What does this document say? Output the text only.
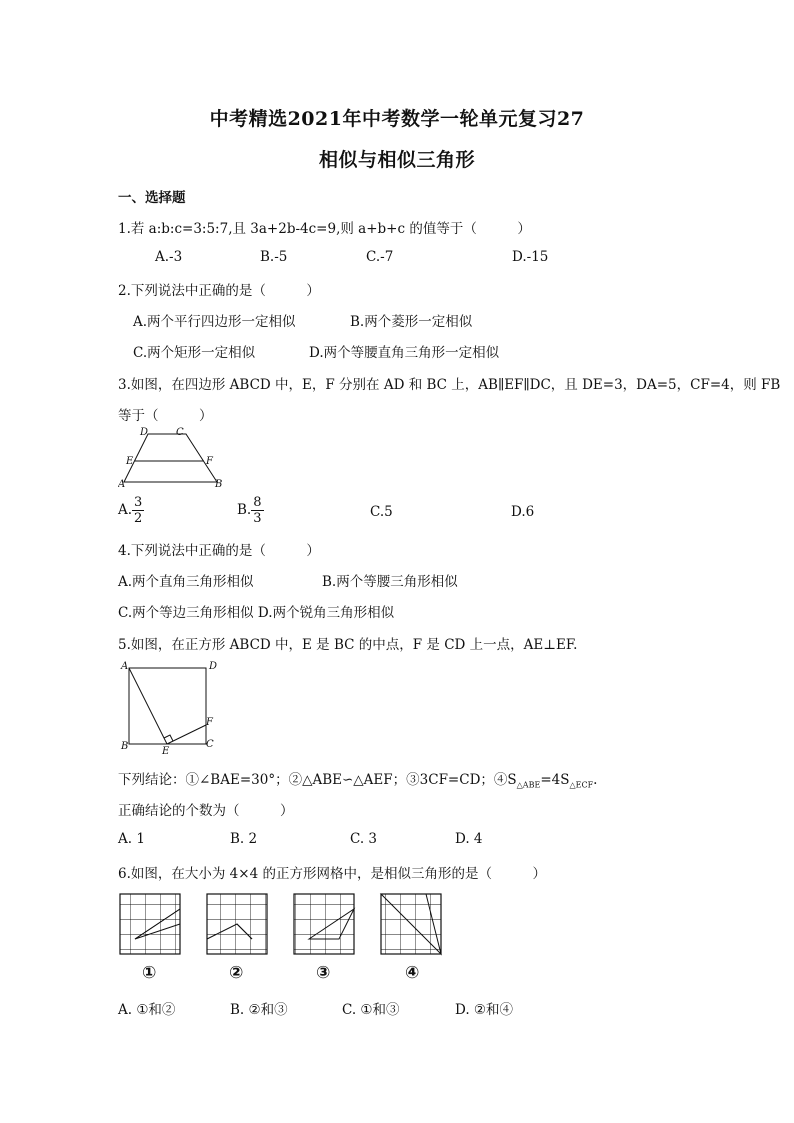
中考精选2021年中考数学一轮单元复习27
相似与相似三角形
一、选择题
1.若 a:b:c=3:5:7,且 3a+2b-4c=9,则 a+b+c 的值等于（　　　）
A.-3	B.-5	C.-7	D.-15
2.下列说法中正确的是（　　　）
A.两个平行四边形一定相似	B.两个菱形一定相似
C.两个矩形一定相似	D.两个等腰直角三角形一定相似
3.如图，在四边形 ABCD 中，E，F 分别在 AD 和 BC 上，AB∥EF∥DC，且 DE=3，DA=5，CF=4，则 FB
等于（　　　）
D	C
E	F
A	B
A. $\frac{3}{2}$	B. $\frac{8}{3}$	C.5	D.6
4.下列说法中正确的是（　　　）
A.两个直角三角形相似	B.两个等腰三角形相似
C.两个等边三角形相似 D.两个锐角三角形相似
5.如图，在正方形 ABCD 中，E 是 BC 的中点，F 是 CD 上一点，AE⊥EF.
A	D
F
B	C
E
下列结论：①∠BAE=30°；②△ABE∽△AEF；③3CF=CD；$④S_{\triangle ABE}=4S_{\triangle ECF}$.
正确结论的个数为（　　　）
A. 1	B. 2	C. 3	D. 4
6.如图，在大小为 4×4 的正方形网格中，是相似三角形的是（　　　）
①	②	③	④
A. ①和②	B. ②和③	C. ①和③	D. ②和④
